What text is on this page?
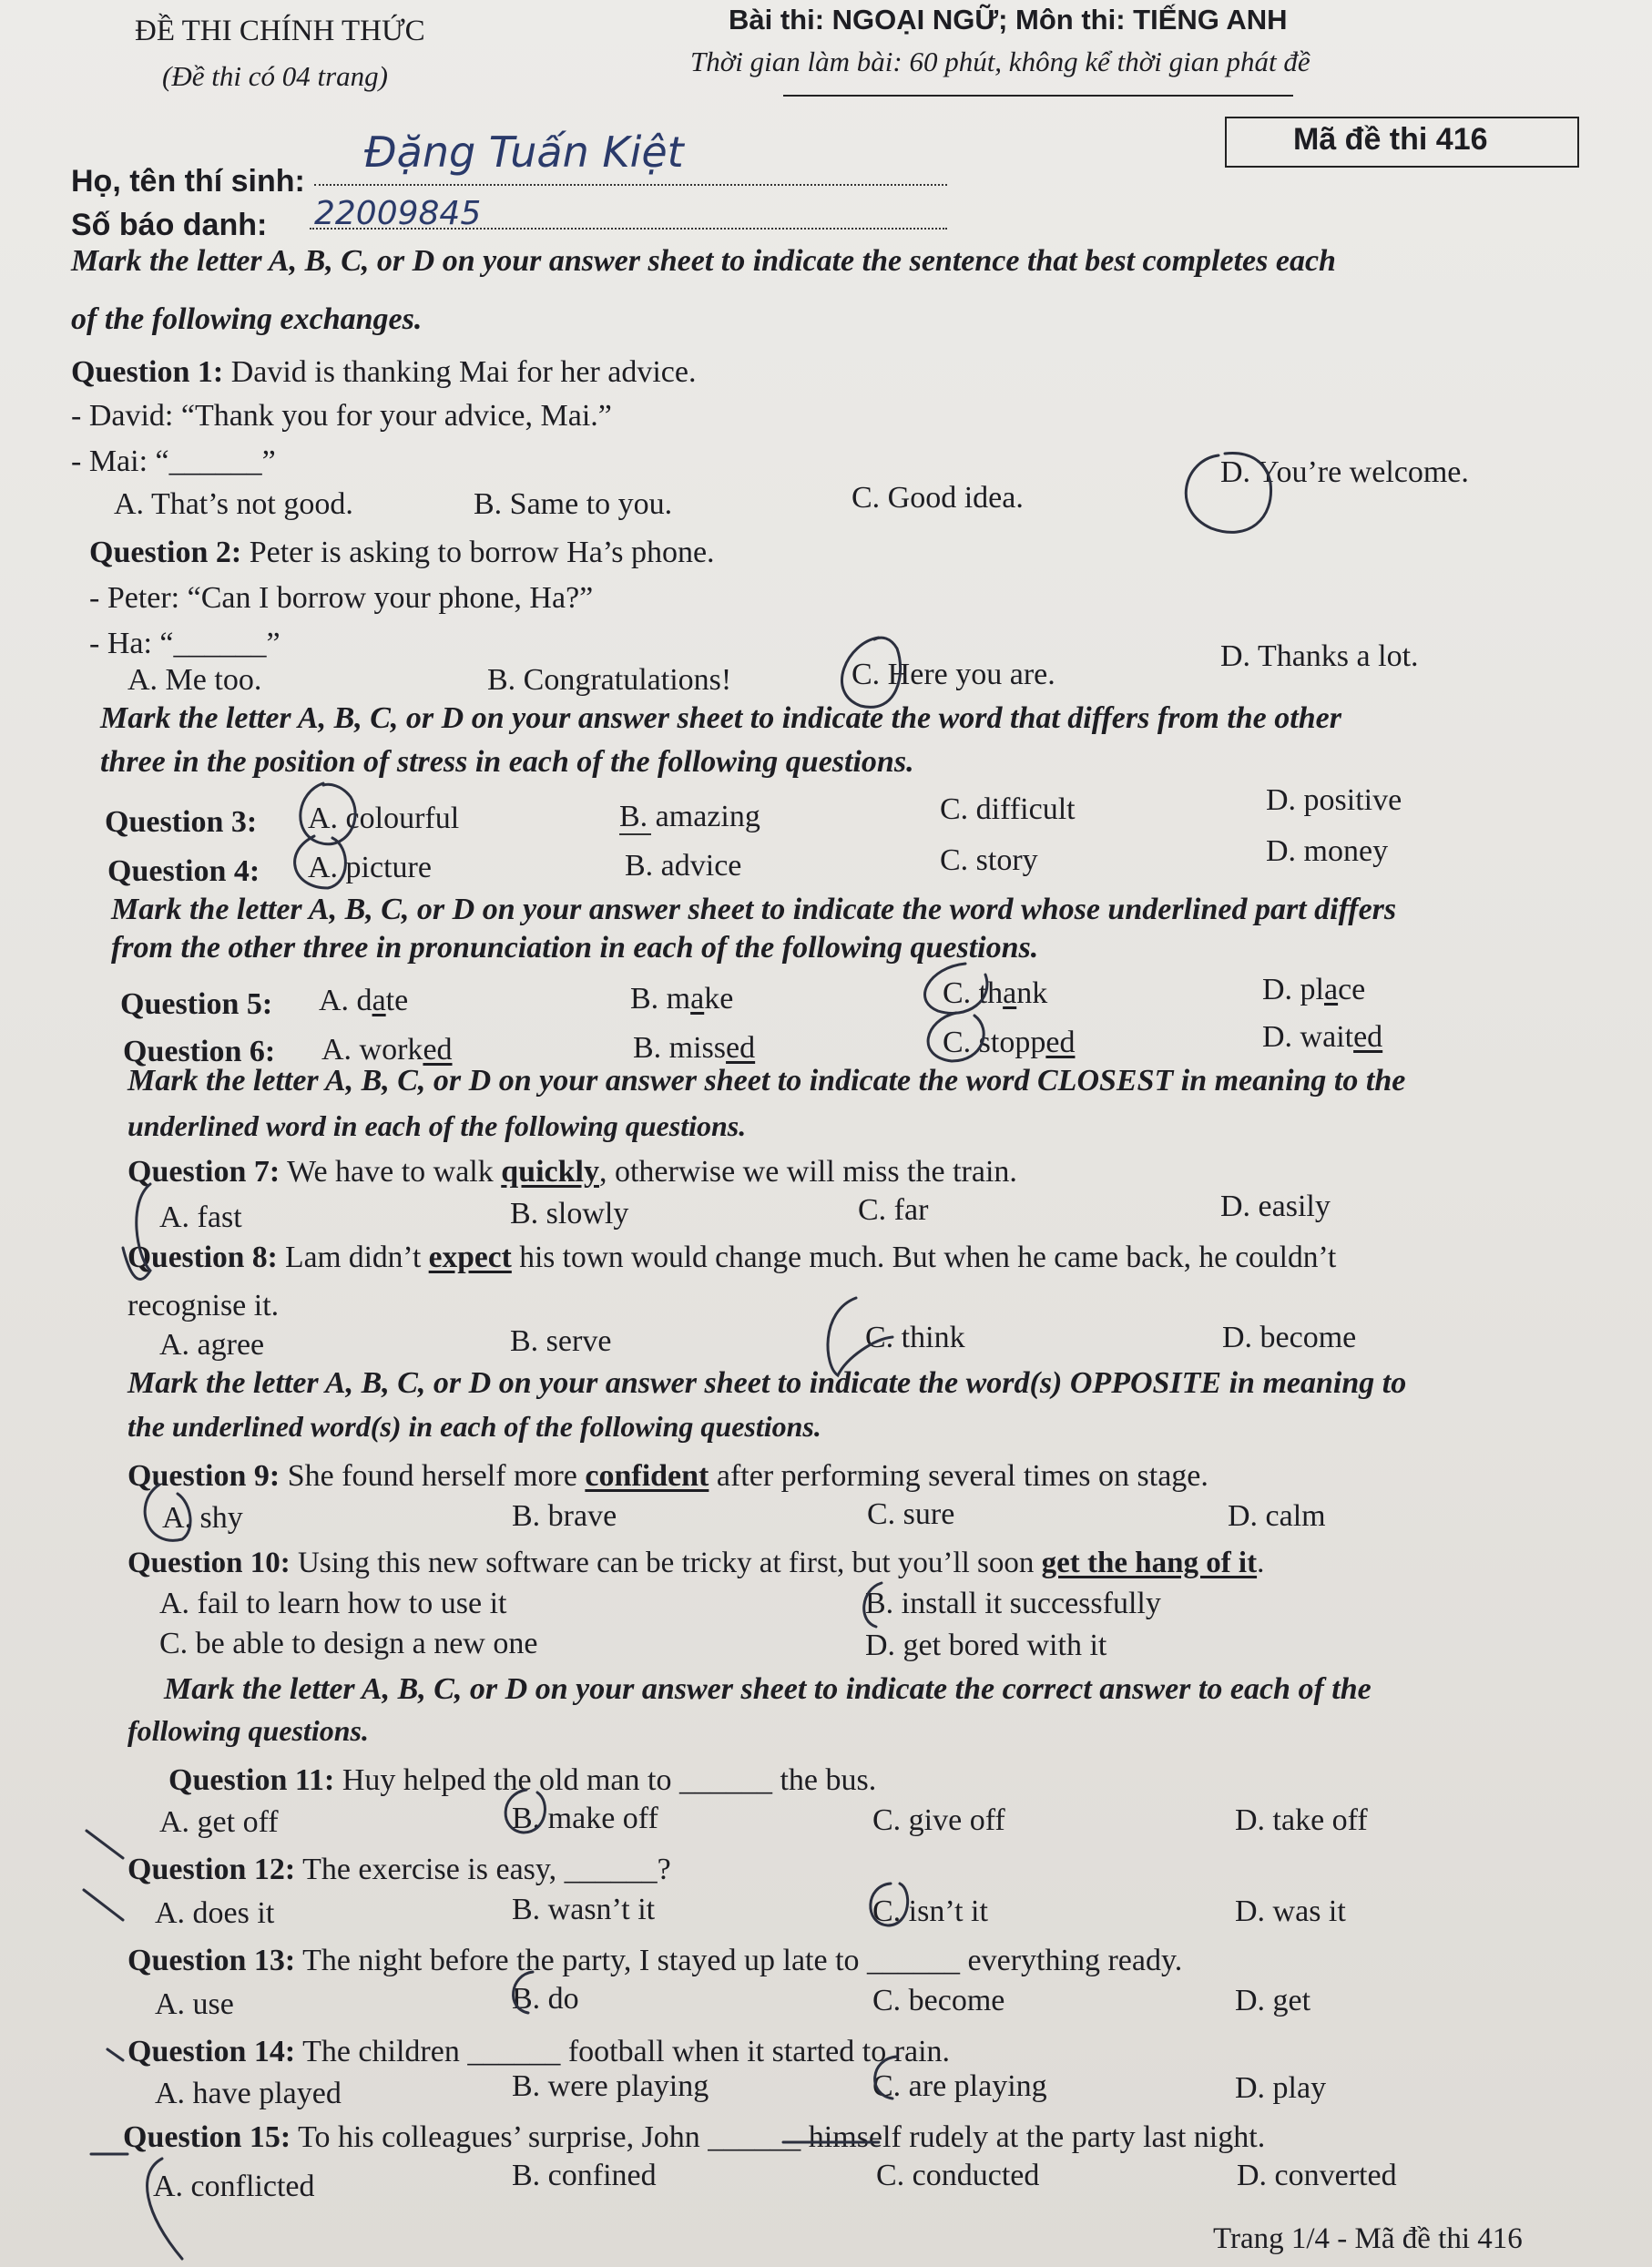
ĐỀ THI CHÍNH THỨC
(Đề thi có 04 trang)
Bài thi: NGOẠI NGỮ; Môn thi: TIẾNG ANH
Thời gian làm bài: 60 phút, không kể thời gian phát đề
Mã đề thi 416
Họ, tên thí sinh:
Đặng Tuấn Kiệt
Số báo danh: 22009845
Mark the letter A, B, C, or D on your answer sheet to indicate the sentence that best completes each
of the following exchanges.
Question 1: David is thanking Mai for her advice.
- David: “Thank you for your advice, Mai.”
- Mai: “______”
A. That’s not good.	B. Same to you.	C. Good idea.
D. You’re welcome.
Question 2: Peter is asking to borrow Ha’s phone.
- Peter: “Can I borrow your phone, Ha?”
- Ha: “______”
A. Me too.	B. Congratulations!	C. Here you are.
D. Thanks a lot.
Mark the letter A, B, C, or D on your answer sheet to indicate the word that differs from the other
three in the position of stress in each of the following questions.
Question 3: A. colourful	B. amazing	C. difficult	D. positive
Question 4: A. picture	B. advice	C. story	D. money
Mark the letter A, B, C, or D on your answer sheet to indicate the word whose underlined part differs
from the other three in pronunciation in each of the following questions.
Question 5: A. date	B. make	C. thank	D. place
Question 6: A. worked	B. missed	C. stopped	D. waited
Mark the letter A, B, C, or D on your answer sheet to indicate the word CLOSEST in meaning to the
underlined word in each of the following questions.
Question 7: We have to walk quickly, otherwise we will miss the train.
A. fast	B. slowly	C. far	D. easily
Question 8: Lam didn’t expect his town would change much. But when he came back, he couldn’t
recognise it.
A. agree	B. serve	C. think	D. become
Mark the letter A, B, C, or D on your answer sheet to indicate the word(s) OPPOSITE in meaning to
the underlined word(s) in each of the following questions.
Question 9: She found herself more confident after performing several times on stage.
A. shy	B. brave	C. sure	D. calm
Question 10: Using this new software can be tricky at first, but you’ll soon get the hang of it.
A. fail to learn how to use it	B. install it successfully
C. be able to design a new one	D. get bored with it
Mark the letter A, B, C, or D on your answer sheet to indicate the correct answer to each of the
following questions.
Question 11: Huy helped the old man to ______ the bus.
A. get off	B. make off	C. give off	D. take off
Question 12: The exercise is easy, ______?
A. does it	B. wasn’t it	C. isn’t it	D. was it
Question 13: The night before the party, I stayed up late to ______ everything ready.
A. use	B. do	C. become	D. get
Question 14: The children ______ football when it started to rain.
A. have played	B. were playing	C. are playing	D. play
Question 15: To his colleagues’ surprise, John ______ himself rudely at the party last night.
A. conflicted	B. confined	C. conducted	D. converted
Trang 1/4 - Mã đề thi 416
